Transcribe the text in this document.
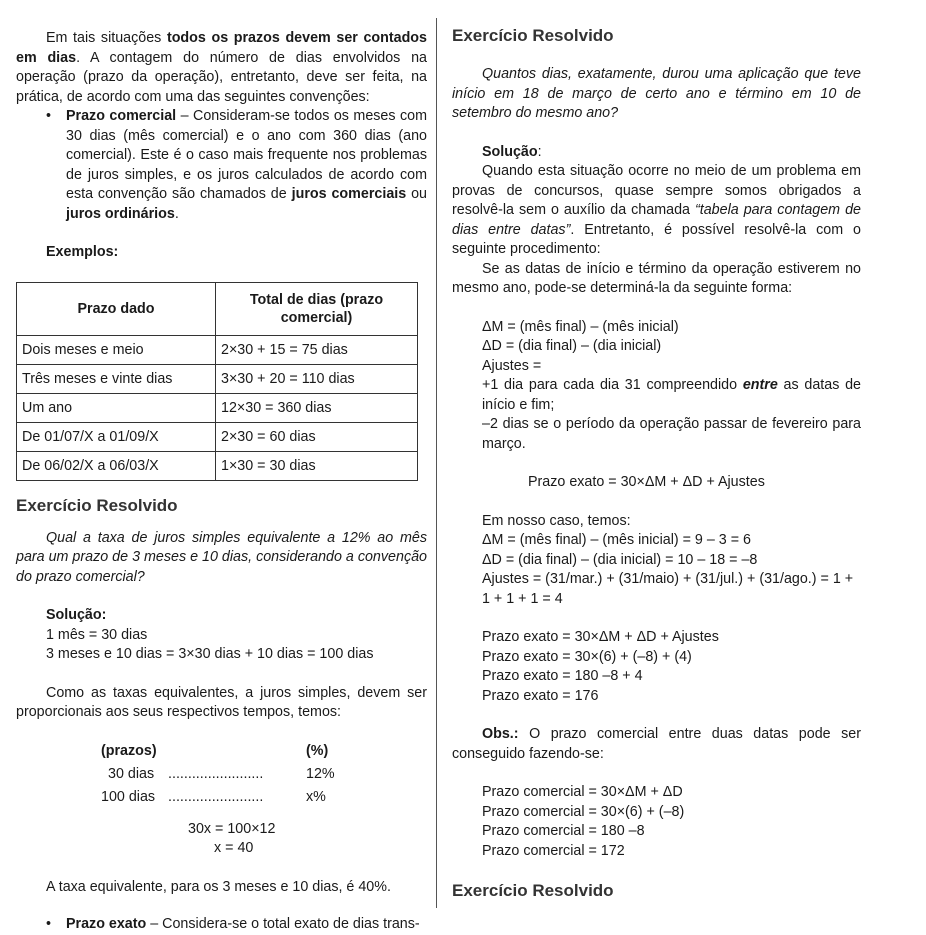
Em tais situações todos os prazos devem ser contados em dias. A contagem do número de dias envolvidos na operação (prazo da operação), entretanto, deve ser feita, na prática, de acordo com uma das seguintes convenções:

• Prazo comercial – Consideram-se todos os meses com 30 dias (mês comercial) e o ano com 360 dias (ano comercial). Este é o caso mais frequente nos problemas de juros simples, e os juros calculados de acordo com esta convenção são chamados de juros comerciais ou juros ordinários.

Exemplos:

Prazo dado	Total de dias (prazo comercial)
Dois meses e meio	2×30 + 15 = 75 dias
Três meses e vinte dias	3×30 + 20 = 110 dias
Um ano	12×30 = 360 dias
De 01/07/X a 01/09/X	2×30 = 60 dias
De 06/02/X a 06/03/X	1×30 = 30 dias

Exercício Resolvido

Qual a taxa de juros simples equivalente a 12% ao mês para um prazo de 3 meses e 10 dias, considerando a convenção do prazo comercial?

Solução:

1 mês = 30 dias

3 meses e 10 dias = 3×30 dias + 10 dias = 100 dias

Como as taxas equivalentes, a juros simples, devem ser proporcionais aos seus respectivos tempos, temos:

(prazos)	(%)
30 dias ........................	12%
100 dias ........................	x%

30x = 100×12

x = 40

A taxa equivalente, para os 3 meses e 10 dias, é 40%.

• Prazo exato – Considera-se o total exato de dias trans-

Exercício Resolvido

Quantos dias, exatamente, durou uma aplicação que teve início em 18 de março de certo ano e término em 10 de setembro do mesmo ano?

Solução:

Quando esta situação ocorre no meio de um problema em provas de concursos, quase sempre somos obrigados a resolvê-la sem o auxílio da chamada “tabela para contagem de dias entre datas”. Entretanto, é possível resolvê-la com o seguinte procedimento:

Se as datas de início e término da operação estiverem no mesmo ano, pode-se determiná-la da seguinte forma:

ΔM = (mês final) – (mês inicial)

ΔD = (dia final) – (dia inicial)

Ajustes =

+1 dia para cada dia 31 compreendido entre as datas de início e fim;

–2 dias se o período da operação passar de fevereiro para março.

Prazo exato = 30×ΔM + ΔD + Ajustes

Em nosso caso, temos:

ΔM = (mês final) – (mês inicial) = 9 – 3 = 6

ΔD = (dia final) – (dia inicial) = 10 – 18 = –8

Ajustes = (31/mar.) + (31/maio) + (31/jul.) + (31/ago.) = 1 + 1 + 1 + 1 = 4

Prazo exato = 30×ΔM + ΔD + Ajustes

Prazo exato = 30×(6) + (–8) + (4)

Prazo exato = 180 –8 + 4

Prazo exato = 176

Obs.: O prazo comercial entre duas datas pode ser conseguido fazendo-se:

Prazo comercial = 30×ΔM + ΔD

Prazo comercial = 30×(6) + (–8)

Prazo comercial = 180 –8

Prazo comercial = 172

Exercício Resolvido
